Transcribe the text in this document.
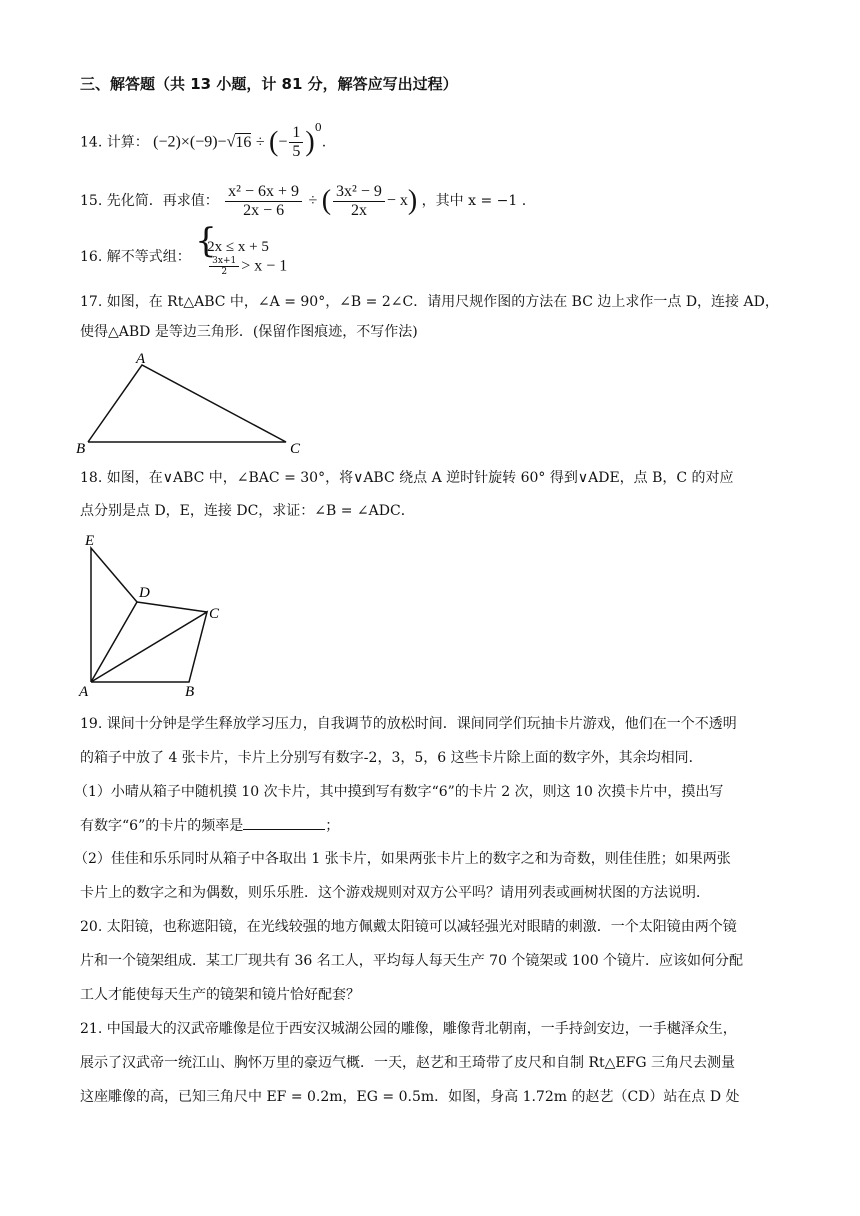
三、解答题（共 13 小题，计 81 分，解答应写出过程）
14. 计算： (−2)×(−9)−√16 ÷ (− $\frac{1}{5} )^0$.
15. 先化简．再求值： $\frac{\text{x² − 6x + 9}}{2x - 6}$ ÷ ( $\frac{\text{3x² − 9}}{2x} - x$) ，其中 x = −1 .
16. 解不等式组： {
2x ≤ x + 5
$\frac{3x+1}{2} > x - 1$
17. 如图，在 Rt△ABC 中，∠A = 90°，∠B = 2∠C．请用尺规作图的方法在 BC 边上求作一点 D，连接 AD，
使得△ABD 是等边三角形．(保留作图痕迹，不写作法)
A
B	C
18. 如图，在∨ABC 中，∠BAC = 30°，将∨ABC 绕点 A 逆时针旋转 60° 得到∨ADE，点 B，C 的对应
点分别是点 D，E，连接 DC，求证：∠B = ∠ADC．
E
D
C
A	B
19. 课间十分钟是学生释放学习压力，自我调节的放松时间．课间同学们玩抽卡片游戏，他们在一个不透明
的箱子中放了 4 张卡片，卡片上分别写有数字-2，3，5，6 这些卡片除上面的数字外，其余均相同．
（1）小晴从箱子中随机摸 10 次卡片，其中摸到写有数字“6”的卡片 2 次，则这 10 次摸卡片中，摸出写
有数字“6”的卡片的频率是	；
（2）佳佳和乐乐同时从箱子中各取出 1 张卡片，如果两张卡片上的数字之和为奇数，则佳佳胜；如果两张
卡片上的数字之和为偶数，则乐乐胜．这个游戏规则对双方公平吗？请用列表或画树状图的方法说明．
20. 太阳镜，也称遮阳镜，在光线较强的地方佩戴太阳镜可以减轻强光对眼睛的刺激．一个太阳镜由两个镜
片和一个镜架组成．某工厂现共有 36 名工人，平均每人每天生产 70 个镜架或 100 个镜片．应该如何分配
工人才能使每天生产的镜架和镜片恰好配套？
21. 中国最大的汉武帝雕像是位于西安汉城湖公园的雕像，雕像背北朝南，一手持剑安边，一手樾泽众生，
展示了汉武帝一统江山、胸怀万里的豪迈气概．一天，赵艺和王琦带了皮尺和自制 Rt△EFG 三角尺去测量
这座雕像的高，已知三角尺中 EF = 0.2m，EG = 0.5m．如图，身高 1.72m 的赵艺（CD）站在点 D 处
